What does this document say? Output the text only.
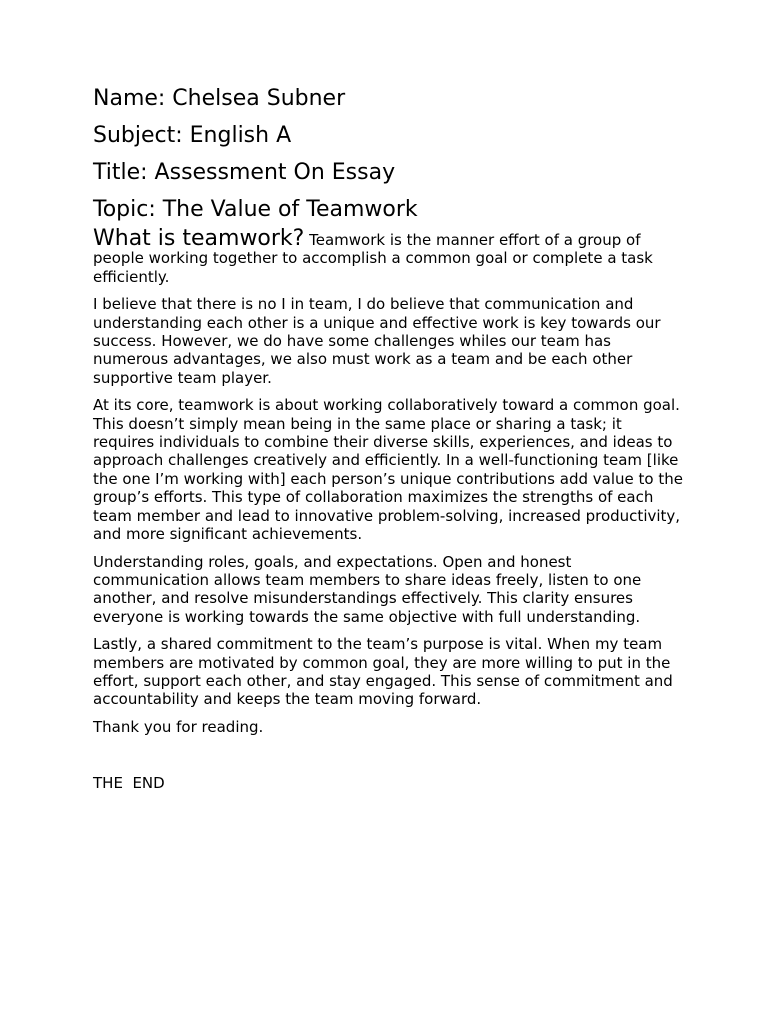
Name: Chelsea Subner
Subject: English A
Title: Assessment On Essay
Topic: The Value of Teamwork

What is teamwork? Teamwork is the manner effort of a group of people working together to accomplish a common goal or complete a task efficiently.

I believe that there is no I in team, I do believe that communication and understanding each other is a unique and effective work is key towards our success. However, we do have some challenges whiles our team has numerous advantages, we also must work as a team and be each other supportive team player.

At its core, teamwork is about working collaboratively toward a common goal. This doesn’t simply mean being in the same place or sharing a task; it requires individuals to combine their diverse skills, experiences, and ideas to approach challenges creatively and efficiently. In a well-functioning team [like the one I’m working with] each person’s unique contributions add value to the group’s efforts. This type of collaboration maximizes the strengths of each team member and lead to innovative problem-solving, increased productivity, and more significant achievements.

Understanding roles, goals, and expectations. Open and honest communication allows team members to share ideas freely, listen to one another, and resolve misunderstandings effectively. This clarity ensures everyone is working towards the same objective with full understanding.

Lastly, a shared commitment to the team’s purpose is vital. When my team members are motivated by common goal, they are more willing to put in the effort, support each other, and stay engaged. This sense of commitment and accountability and keeps the team moving forward.

Thank you for reading.

THE  END
